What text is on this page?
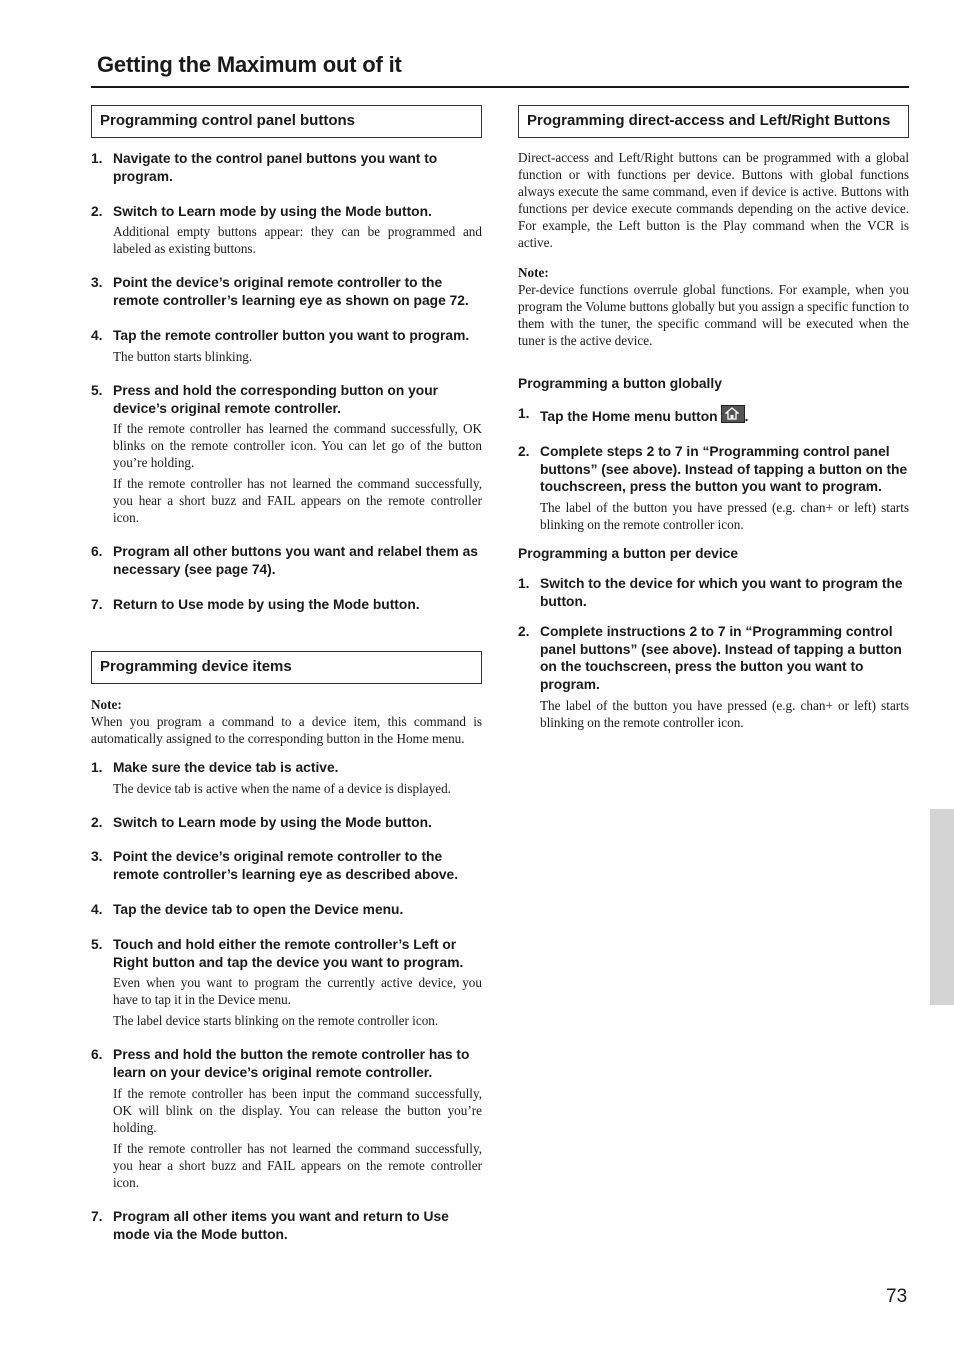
Getting the Maximum out of it
Programming control panel buttons
1. Navigate to the control panel buttons you want to program.
2. Switch to Learn mode by using the Mode button.
Additional empty buttons appear: they can be programmed and labeled as existing buttons.
3. Point the device’s original remote controller to the remote controller’s learning eye as shown on page 72.
4. Tap the remote controller button you want to program.
The button starts blinking.
5. Press and hold the corresponding button on your device’s original remote controller.
If the remote controller has learned the command successfully, OK blinks on the remote controller icon. You can let go of the button you’re holding.
If the remote controller has not learned the command successfully, you hear a short buzz and FAIL appears on the remote controller icon.
6. Program all other buttons you want and relabel them as necessary (see page 74).
7. Return to Use mode by using the Mode button.
Programming device items
Note:
When you program a command to a device item, this command is automatically assigned to the corresponding button in the Home menu.
1. Make sure the device tab is active.
The device tab is active when the name of a device is displayed.
2. Switch to Learn mode by using the Mode button.
3. Point the device’s original remote controller to the remote controller’s learning eye as described above.
4. Tap the device tab to open the Device menu.
5. Touch and hold either the remote controller’s Left or Right button and tap the device you want to program.
Even when you want to program the currently active device, you have to tap it in the Device menu.
The label device starts blinking on the remote controller icon.
6. Press and hold the button the remote controller has to learn on your device’s original remote controller.
If the remote controller has been input the command successfully, OK will blink on the display. You can release the button you’re holding.
If the remote controller has not learned the command successfully, you hear a short buzz and FAIL appears on the remote controller icon.
7. Program all other items you want and return to Use mode via the Mode button.
Programming direct-access and Left/Right Buttons
Direct-access and Left/Right buttons can be programmed with a global function or with functions per device. Buttons with global functions always execute the same command, even if device is active. Buttons with functions per device execute commands depending on the active device. For example, the Left button is the Play command when the VCR is active.
Note:
Per-device functions overrule global functions. For example, when you program the Volume buttons globally but you assign a specific function to them with the tuner, the specific command will be executed when the tuner is the active device.
Programming a button globally
1. Tap the Home menu button .
2. Complete steps 2 to 7 in “Programming control panel buttons” (see above). Instead of tapping a button on the touchscreen, press the button you want to program.
The label of the button you have pressed (e.g. chan+ or left) starts blinking on the remote controller icon.
Programming a button per device
1. Switch to the device for which you want to program the button.
2. Complete instructions 2 to 7 in “Programming control panel buttons” (see above). Instead of tapping a button on the touchscreen, press the button you want to program.
The label of the button you have pressed (e.g. chan+ or left) starts blinking on the remote controller icon.
73
